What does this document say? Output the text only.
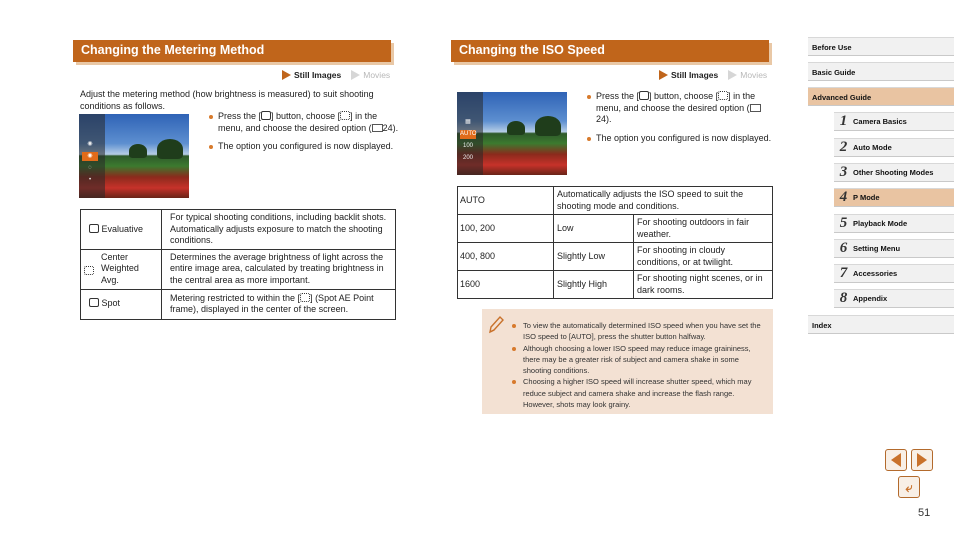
Changing the Metering Method
Still Images	Movies
Adjust the metering method (how brightness is measured) to suit shooting conditions as follows.
◉
◉
◌
•
Press the [ ] button, choose [ ] in the menu, and choose the desired option ( 24).
The option you configured is now displayed.
Evaluative	For typical shooting conditions, including backlit shots. Automatically adjusts exposure to match the shooting conditions.

Center Weighted Avg.	Determines the average brightness of light across the entire image area, calculated by treating brightness in the central area as more important.
Spot	Metering restricted to within the [ ] (Spot AE Point frame), displayed in the center of the screen.
Changing the ISO Speed
Still Images	Movies
▦
AUTO
100
200
Press the [ ] button, choose [ ] in the menu, and choose the desired option (24).
The option you configured is now displayed.
AUTO	Automatically adjusts the ISO speed to suit the shooting mode and conditions.	
100, 200	Low	For shooting outdoors in fair weather.
400, 800	Slightly Low	For shooting in cloudy conditions, or at twilight.
1600	Slightly High	For shooting night scenes, or in dark rooms.
To view the automatically determined ISO speed when you have set the ISO speed to [AUTO], press the shutter button halfway.
Although choosing a lower ISO speed may reduce image graininess, there may be a greater risk of subject and camera shake in some shooting conditions.
Choosing a higher ISO speed will increase shutter speed, which may reduce subject and camera shake and increase the flash range. However, shots may look grainy.
Before Use
Basic Guide
Advanced Guide
1 Camera Basics
2 Auto Mode
3 Other Shooting Modes
4 P Mode
5 Playback Mode
6 Setting Menu
7 Accessories
8 Appendix
Index
⤶
51
